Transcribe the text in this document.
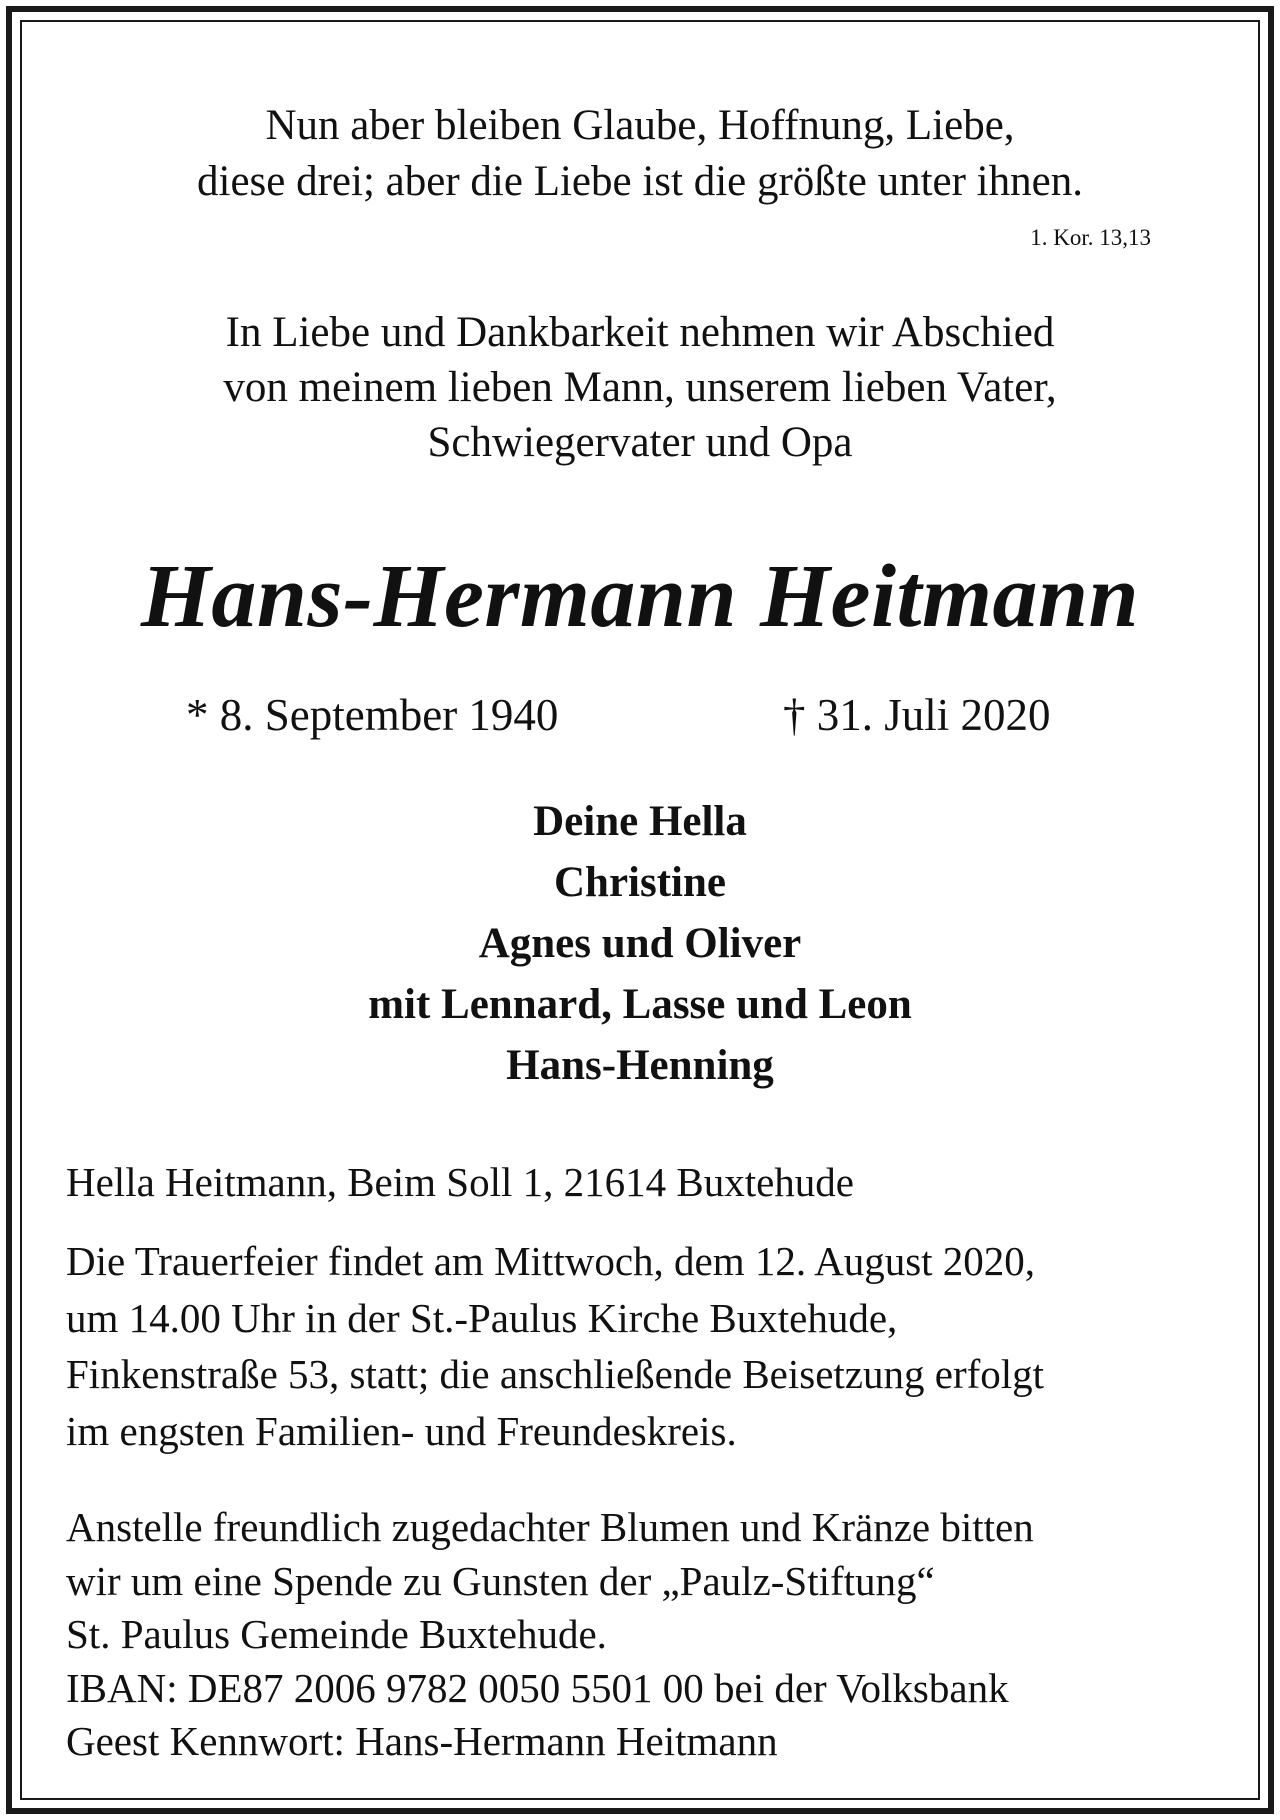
Nun aber bleiben Glaube, Hoffnung, Liebe,
diese drei; aber die Liebe ist die größte unter ihnen.
1. Kor. 13,13
In Liebe und Dankbarkeit nehmen wir Abschied
von meinem lieben Mann, unserem lieben Vater,
Schwiegervater und Opa
Hans-Hermann Heitmann
* 8. September 1940	† 31. Juli 2020
Deine Hella
Christine
Agnes und Oliver
mit Lennard, Lasse und Leon
Hans-Henning
Hella Heitmann, Beim Soll 1, 21614 Buxtehude
Die Trauerfeier findet am Mittwoch, dem 12. August 2020,
um 14.00 Uhr in der St.-Paulus Kirche Buxtehude,
Finkenstraße 53, statt; die anschließende Beisetzung erfolgt
im engsten Familien- und Freundeskreis.
Anstelle freundlich zugedachter Blumen und Kränze bitten
wir um eine Spende zu Gunsten der „Paulz-Stiftung“
St. Paulus Gemeinde Buxtehude.
IBAN: DE87 2006 9782 0050 5501 00 bei der Volksbank
Geest Kennwort: Hans-Hermann Heitmann
